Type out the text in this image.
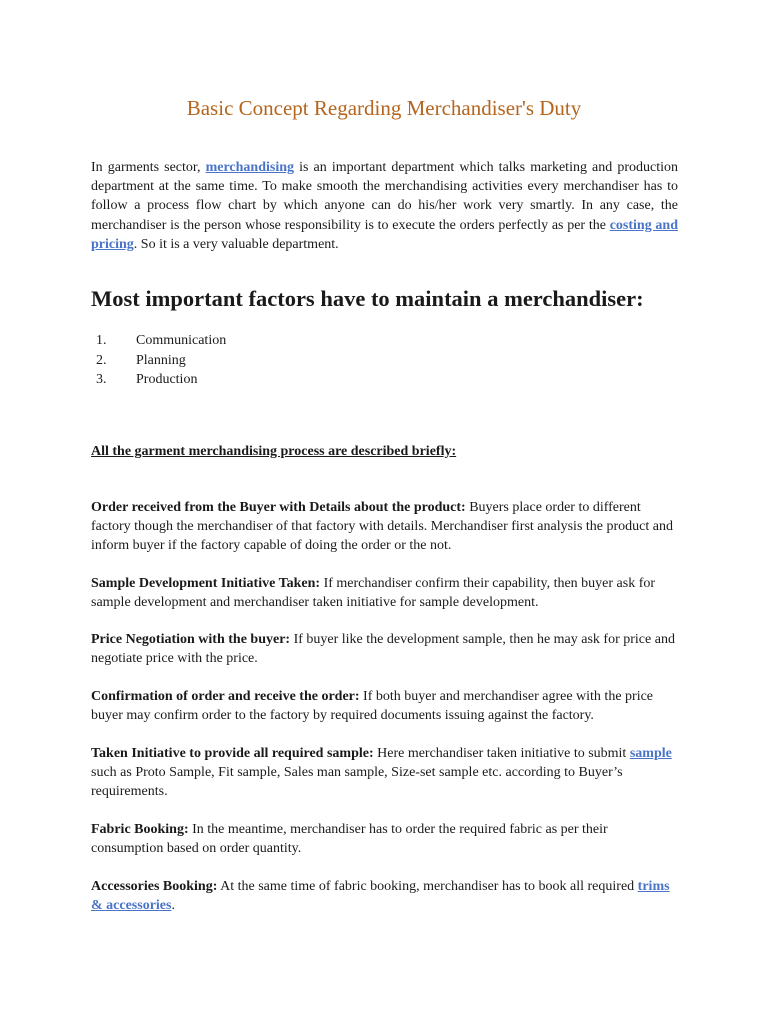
Basic Concept Regarding Merchandiser's Duty

In garments sector, merchandising is an important department which talks marketing and production department at the same time. To make smooth the merchandising activities every merchandiser has to follow a process flow chart by which anyone can do his/her work very smartly. In any case, the merchandiser is the person whose responsibility is to execute the orders perfectly as per the costing and pricing. So it is a very valuable department.

Most important factors have to maintain a merchandiser:
1. Communication
2. Planning
3. Production

All the garment merchandising process are described briefly:

Order received from the Buyer with Details about the product: Buyers place order to different factory though the merchandiser of that factory with details. Merchandiser first analysis the product and inform buyer if the factory capable of doing the order or the not.

Sample Development Initiative Taken: If merchandiser confirm their capability, then buyer ask for sample development and merchandiser taken initiative for sample development.

Price Negotiation with the buyer: If buyer like the development sample, then he may ask for price and negotiate price with the price.

Confirmation of order and receive the order: If both buyer and merchandiser agree with the price buyer may confirm order to the factory by required documents issuing against the factory.

Taken Initiative to provide all required sample: Here merchandiser taken initiative to submit sample such as Proto Sample, Fit sample, Sales man sample, Size-set sample etc. according to Buyer’s requirements.

Fabric Booking: In the meantime, merchandiser has to order the required fabric as per their consumption based on order quantity.

Accessories Booking: At the same time of fabric booking, merchandiser has to book all required trims & accessories.
